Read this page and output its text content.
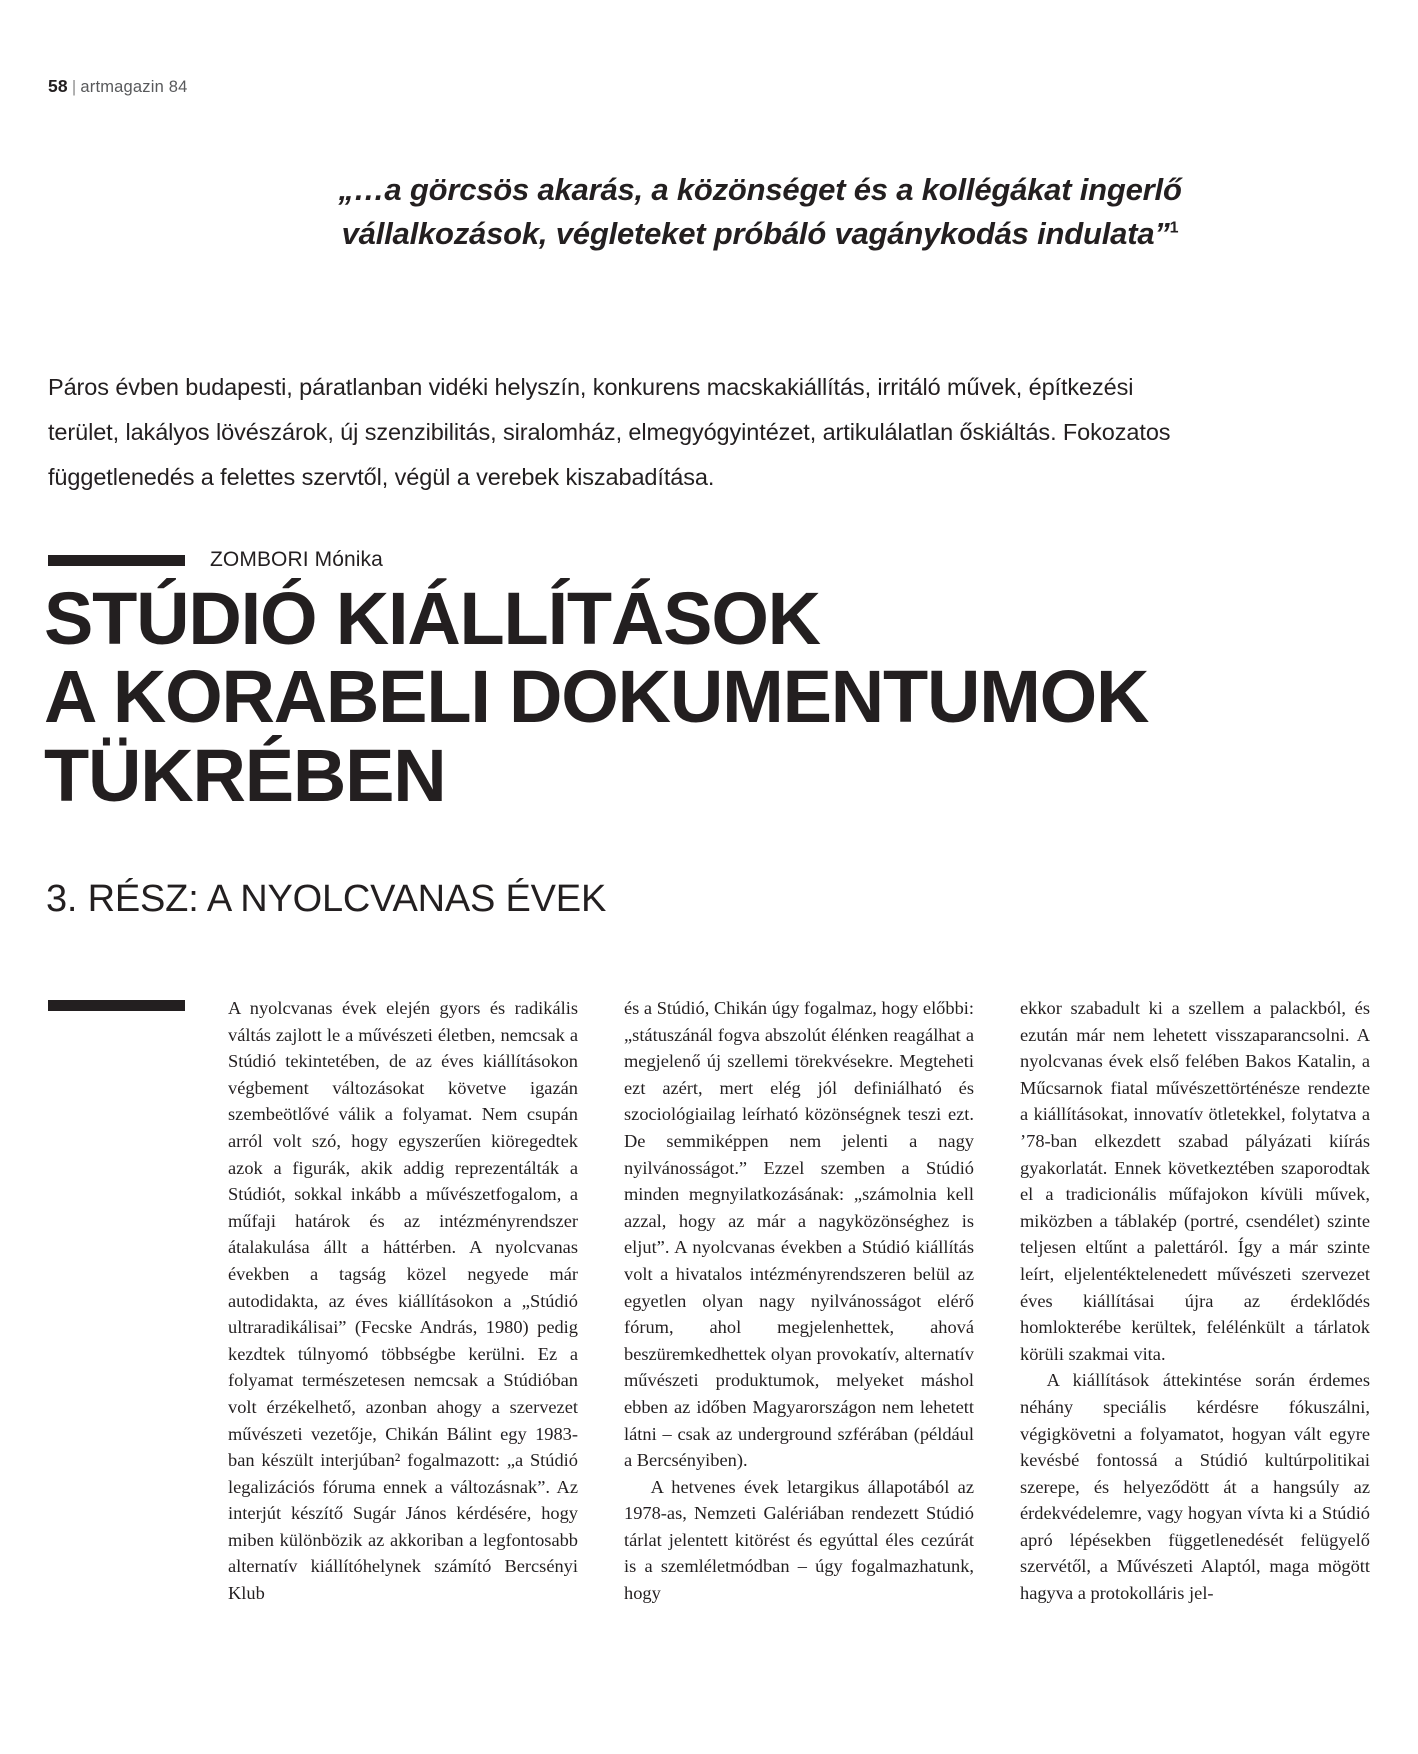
58 | artmagazin 84
„…a görcsös akarás, a közönséget és a kollégákat ingerlő vállalkozások, végleteket próbáló vagánykodás indulata”$^1$
Páros évben budapesti, páratlanban vidéki helyszín, konkurens macskakiállítás, irritáló művek, építkezési terület, lakályos lövészárok, új szenzibilitás, siralomház, elmegyógyintézet, artikulálatlan őskiáltás. Fokozatos függetlenedés a felettes szervtől, végül a verebek kiszabadítása.
ZOMBORI Mónika
STÚDIÓ KIÁLLÍTÁSOK
A KORABELI DOKUMENTUMOK
TÜKRÉBEN
3. RÉSZ: A NYOLCVANAS ÉVEK

A nyolcvanas évek elején gyors és radikális váltás zajlott le a művészeti életben, nemcsak a Stúdió tekintetében, de az éves kiállításokon végbement változásokat követve igazán szembeötlővé válik a folyamat. Nem csupán arról volt szó, hogy egyszerűen kiöregedtek azok a figurák, akik addig reprezentálták a Stúdiót, sokkal inkább a művészetfogalom, a műfaji határok és az intézményrendszer átalakulása állt a háttérben. A nyolcvanas években a tagság közel negyede már autodidakta, az éves kiállításokon a „Stúdió ultraradikálisai” (Fecske András, 1980) pedig kezdtek túlnyomó többségbe kerülni. Ez a folyamat természetesen nemcsak a Stúdióban volt érzékelhető, azonban ahogy a szervezet művészeti vezetője, Chikán Bálint egy 1983-ban készült interjúban² fogalmazott: „a Stúdió legalizációs fóruma ennek a változásnak”. Az interjút készítő Sugár János kérdésére, hogy miben különbözik az akkoriban a legfontosabb alternatív kiállítóhelynek számító Bercsényi Klub

és a Stúdió, Chikán úgy fogalmaz, hogy előbbi: „státuszánál fogva abszolút élénken reagálhat a megjelenő új szellemi törekvésekre. Megteheti ezt azért, mert elég jól definiálható és szociológiailag leírható közönségnek teszi ezt. De semmiképpen nem jelenti a nagy nyilvánosságot.” Ezzel szemben a Stúdió minden megnyilatkozásának: „számolnia kell azzal, hogy az már a nagyközönséghez is eljut”. A nyolcvanas években a Stúdió kiállítás volt a hivatalos intézményrendszeren belül az egyetlen olyan nagy nyilvánosságot elérő fórum, ahol megjelenhettek, ahová beszüremkedhettek olyan provokatív, alternatív művészeti produktumok, melyeket máshol ebben az időben Magyarországon nem lehetett látni – csak az underground szférában (például a Bercsényiben).

A hetvenes évek letargikus állapotából az 1978-as, Nemzeti Galériában rendezett Stúdió tárlat jelentett kitörést és egyúttal éles cezúrát is a szemléletmódban – úgy fogalmazhatunk, hogy

ekkor szabadult ki a szellem a palackból, és ezután már nem lehetett visszaparancsolni. A nyolcvanas évek első felében Bakos Katalin, a Műcsarnok fiatal művészettörténésze rendezte a kiállításokat, innovatív ötletekkel, folytatva a ’78-ban elkezdett szabad pályázati kiírás gyakorlatát. Ennek következtében szaporodtak el a tradicionális műfajokon kívüli művek, miközben a táblakép (portré, csendélet) szinte teljesen eltűnt a palettáról. Így a már szinte leírt, eljelentéktelenedett művészeti szervezet éves kiállításai újra az érdeklődés homlokterébe kerültek, felélénkült a tárlatok körüli szakmai vita.

A kiállítások áttekintése során érdemes néhány speciális kérdésre fókuszálni, végigkövetni a folyamatot, hogyan vált egyre kevésbé fontossá a Stúdió kultúrpolitikai szerepe, és helyeződött át a hangsúly az érdekvédelemre, vagy hogyan vívta ki a Stúdió apró lépésekben függetlenedését felügyelő szervétől, a Művészeti Alaptól, maga mögött hagyva a protokolláris jel-
